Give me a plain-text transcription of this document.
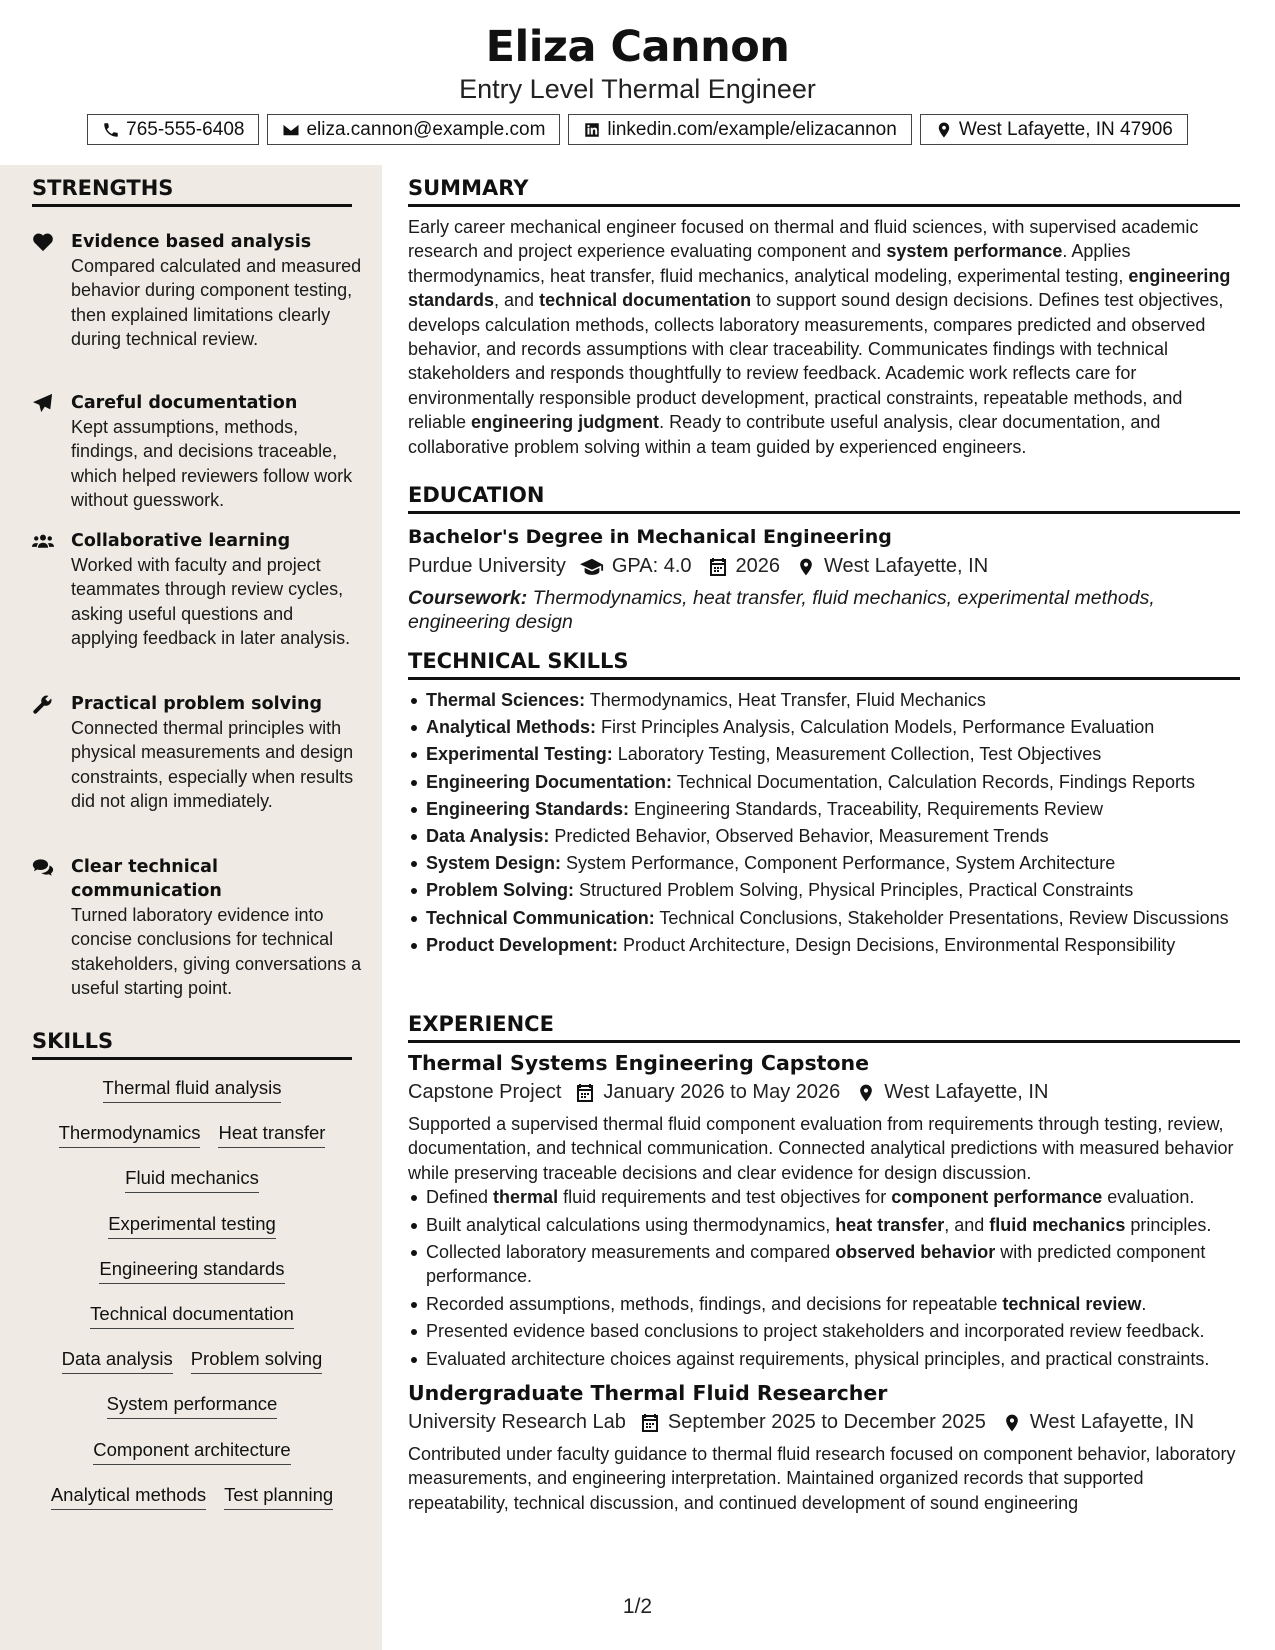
Eliza Cannon
Entry Level Thermal Engineer
765-555-6408	eliza.cannon@example.com	linkedin.com/example/elizacannon	West Lafayette, IN 47906
STRENGTHS
Evidence based analysis
Compared calculated and measured behavior during component testing, then explained limitations clearly during technical review.
Careful documentation
Kept assumptions, methods, findings, and decisions traceable, which helped reviewers follow work without guesswork.
Collaborative learning
Worked with faculty and project teammates through review cycles, asking useful questions and applying feedback in later analysis.
Practical problem solving
Connected thermal principles with physical measurements and design constraints, especially when results did not align immediately.
Clear technical communication
Turned laboratory evidence into concise conclusions for technical stakeholders, giving conversations a useful starting point.
SKILLS
Thermal fluid analysis
Thermodynamics Heat transfer
Fluid mechanics
Experimental testing
Engineering standards
Technical documentation
Data analysis Problem solving
System performance
Component architecture
Analytical methods Test planning
SUMMARY

Early career mechanical engineer focused on thermal and fluid sciences, with supervised academic research and project experience evaluating component and system performance. Applies thermodynamics, heat transfer, fluid mechanics, analytical modeling, experimental testing, engineering standards, and technical documentation to support sound design decisions. Defines test objectives, develops calculation methods, collects laboratory measurements, compares predicted and observed behavior, and records assumptions with clear traceability. Communicates findings with technical stakeholders and responds thoughtfully to review feedback. Academic work reflects care for environmentally responsible product development, practical constraints, repeatable methods, and reliable engineering judgment. Ready to contribute useful analysis, clear documentation, and collaborative problem solving within a team guided by experienced engineers.

EDUCATION
Bachelor's Degree in Mechanical Engineering
Purdue University GPA: 4.0 2026 West Lafayette, IN

Coursework: Thermodynamics, heat transfer, fluid mechanics, experimental methods, engineering design

TECHNICAL SKILLS
Thermal Sciences: Thermodynamics, Heat Transfer, Fluid Mechanics
Analytical Methods: First Principles Analysis, Calculation Models, Performance Evaluation
Experimental Testing: Laboratory Testing, Measurement Collection, Test Objectives
Engineering Documentation: Technical Documentation, Calculation Records, Findings Reports
Engineering Standards: Engineering Standards, Traceability, Requirements Review
Data Analysis: Predicted Behavior, Observed Behavior, Measurement Trends
System Design: System Performance, Component Performance, System Architecture
Problem Solving: Structured Problem Solving, Physical Principles, Practical Constraints
Technical Communication: Technical Conclusions, Stakeholder Presentations, Review Discussions
Product Development: Product Architecture, Design Decisions, Environmental Responsibility
EXPERIENCE
Thermal Systems Engineering Capstone
Capstone Project January 2026 to May 2026 West Lafayette, IN

Supported a supervised thermal fluid component evaluation from requirements through testing, review, documentation, and technical communication. Connected analytical predictions with measured behavior while preserving traceable decisions and clear evidence for design discussion.

Defined thermal fluid requirements and test objectives for component performance evaluation.
Built analytical calculations using thermodynamics, heat transfer, and fluid mechanics principles.
Collected laboratory measurements and compared observed behavior with predicted component performance.
Recorded assumptions, methods, findings, and decisions for repeatable technical review.
Presented evidence based conclusions to project stakeholders and incorporated review feedback.
Evaluated architecture choices against requirements, physical principles, and practical constraints.
Undergraduate Thermal Fluid Researcher
University Research Lab September 2025 to December 2025 West Lafayette, IN

Contributed under faculty guidance to thermal fluid research focused on component behavior, laboratory measurements, and engineering interpretation. Maintained organized records that supported repeatability, technical discussion, and continued development of sound engineering

1/2
